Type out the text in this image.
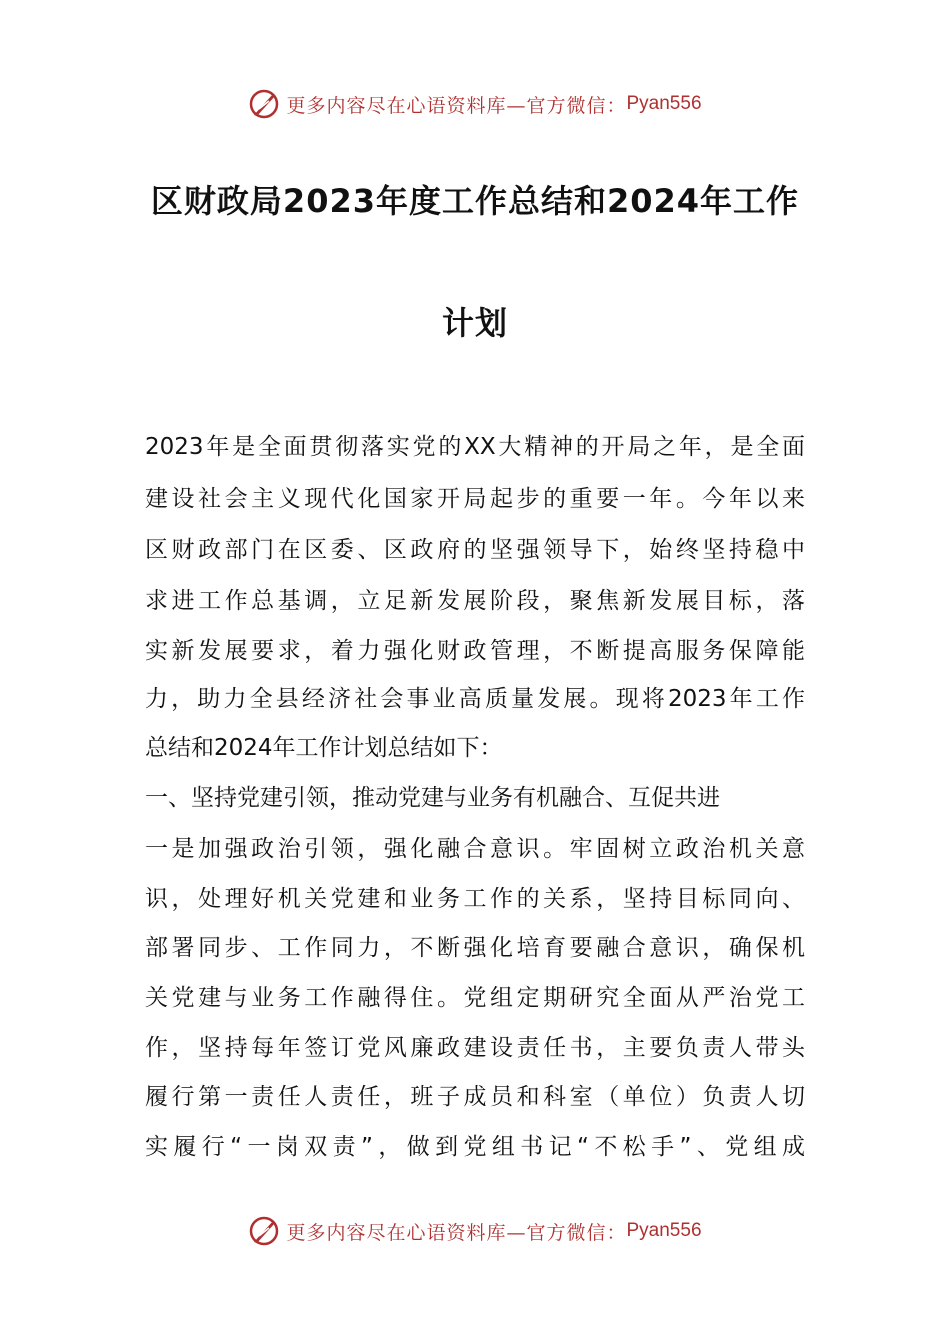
更多内容尽在心语资料库—官方微信： Pyan556
区财政局2023年度工作总结和2024年工作
计划
2023年是全面贯彻落实党的XX大精神的开局之年，是全面
建设社会主义现代化国家开局起步的重要一年。今年以来
区财政部门在区委、区政府的坚强领导下，始终坚持稳中
求进工作总基调，立足新发展阶段，聚焦新发展目标，落
实新发展要求，着力强化财政管理，不断提高服务保障能
力，助力全县经济社会事业高质量发展。现将2023年工作
总结和2024年工作计划总结如下：
一、坚持党建引领，推动党建与业务有机融合、互促共进
一是加强政治引领，强化融合意识。牢固树立政治机关意
识，处理好机关党建和业务工作的关系，坚持目标同向、
部署同步、工作同力，不断强化培育要融合意识，确保机
关党建与业务工作融得住。党组定期研究全面从严治党工
作，坚持每年签订党风廉政建设责任书，主要负责人带头
履行第一责任人责任，班子成员和科室（单位）负责人切
实履行“一岗双责”，做到党组书记“不松手”、党组成
更多内容尽在心语资料库—官方微信： Pyan556
